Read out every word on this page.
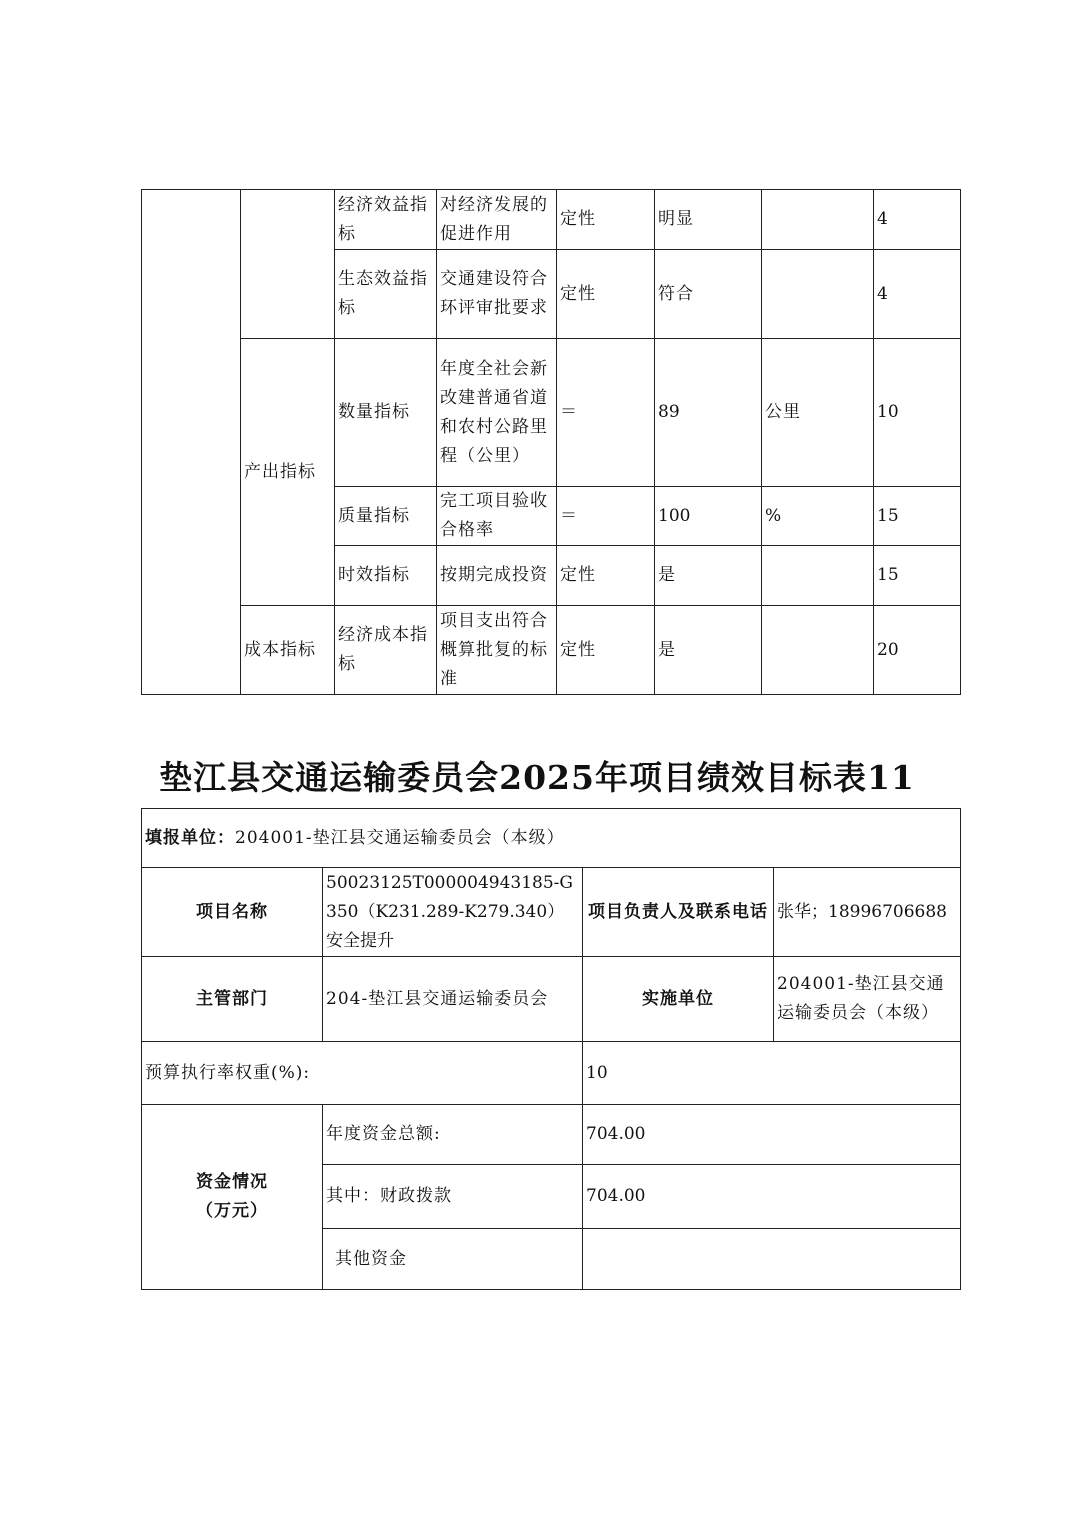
		经济效益指标	对经济发展的促进作用	定性	明显		4
		生态效益指标	交通建设符合环评审批要求	定性	符合		4
	产出指标	数量指标	年度全社会新改建普通省道和农村公路里程（公里）	＝	89	公里	10
		质量指标	完工项目验收合格率	＝	100	%	15
		时效指标	按期完成投资	定性	是		15
	成本指标	经济成本指标	项目支出符合概算批复的标准	定性	是		20
垫江县交通运输委员会2025年项目绩效目标表11
填报单位：204001-垫江县交通运输委员会（本级）			
项目名称	50023125T000004943185-G350（K231.289-K279.340）安全提升	项目负责人及联系电话	张华；18996706688
主管部门	204-垫江县交通运输委员会	实施单位	204001-垫江县交通运输委员会（本级）
预算执行率权重(%):		10	

资金情况
（万元）	年度资金总额:	704.00	
	其中：财政拨款	704.00	
	其他资金		
